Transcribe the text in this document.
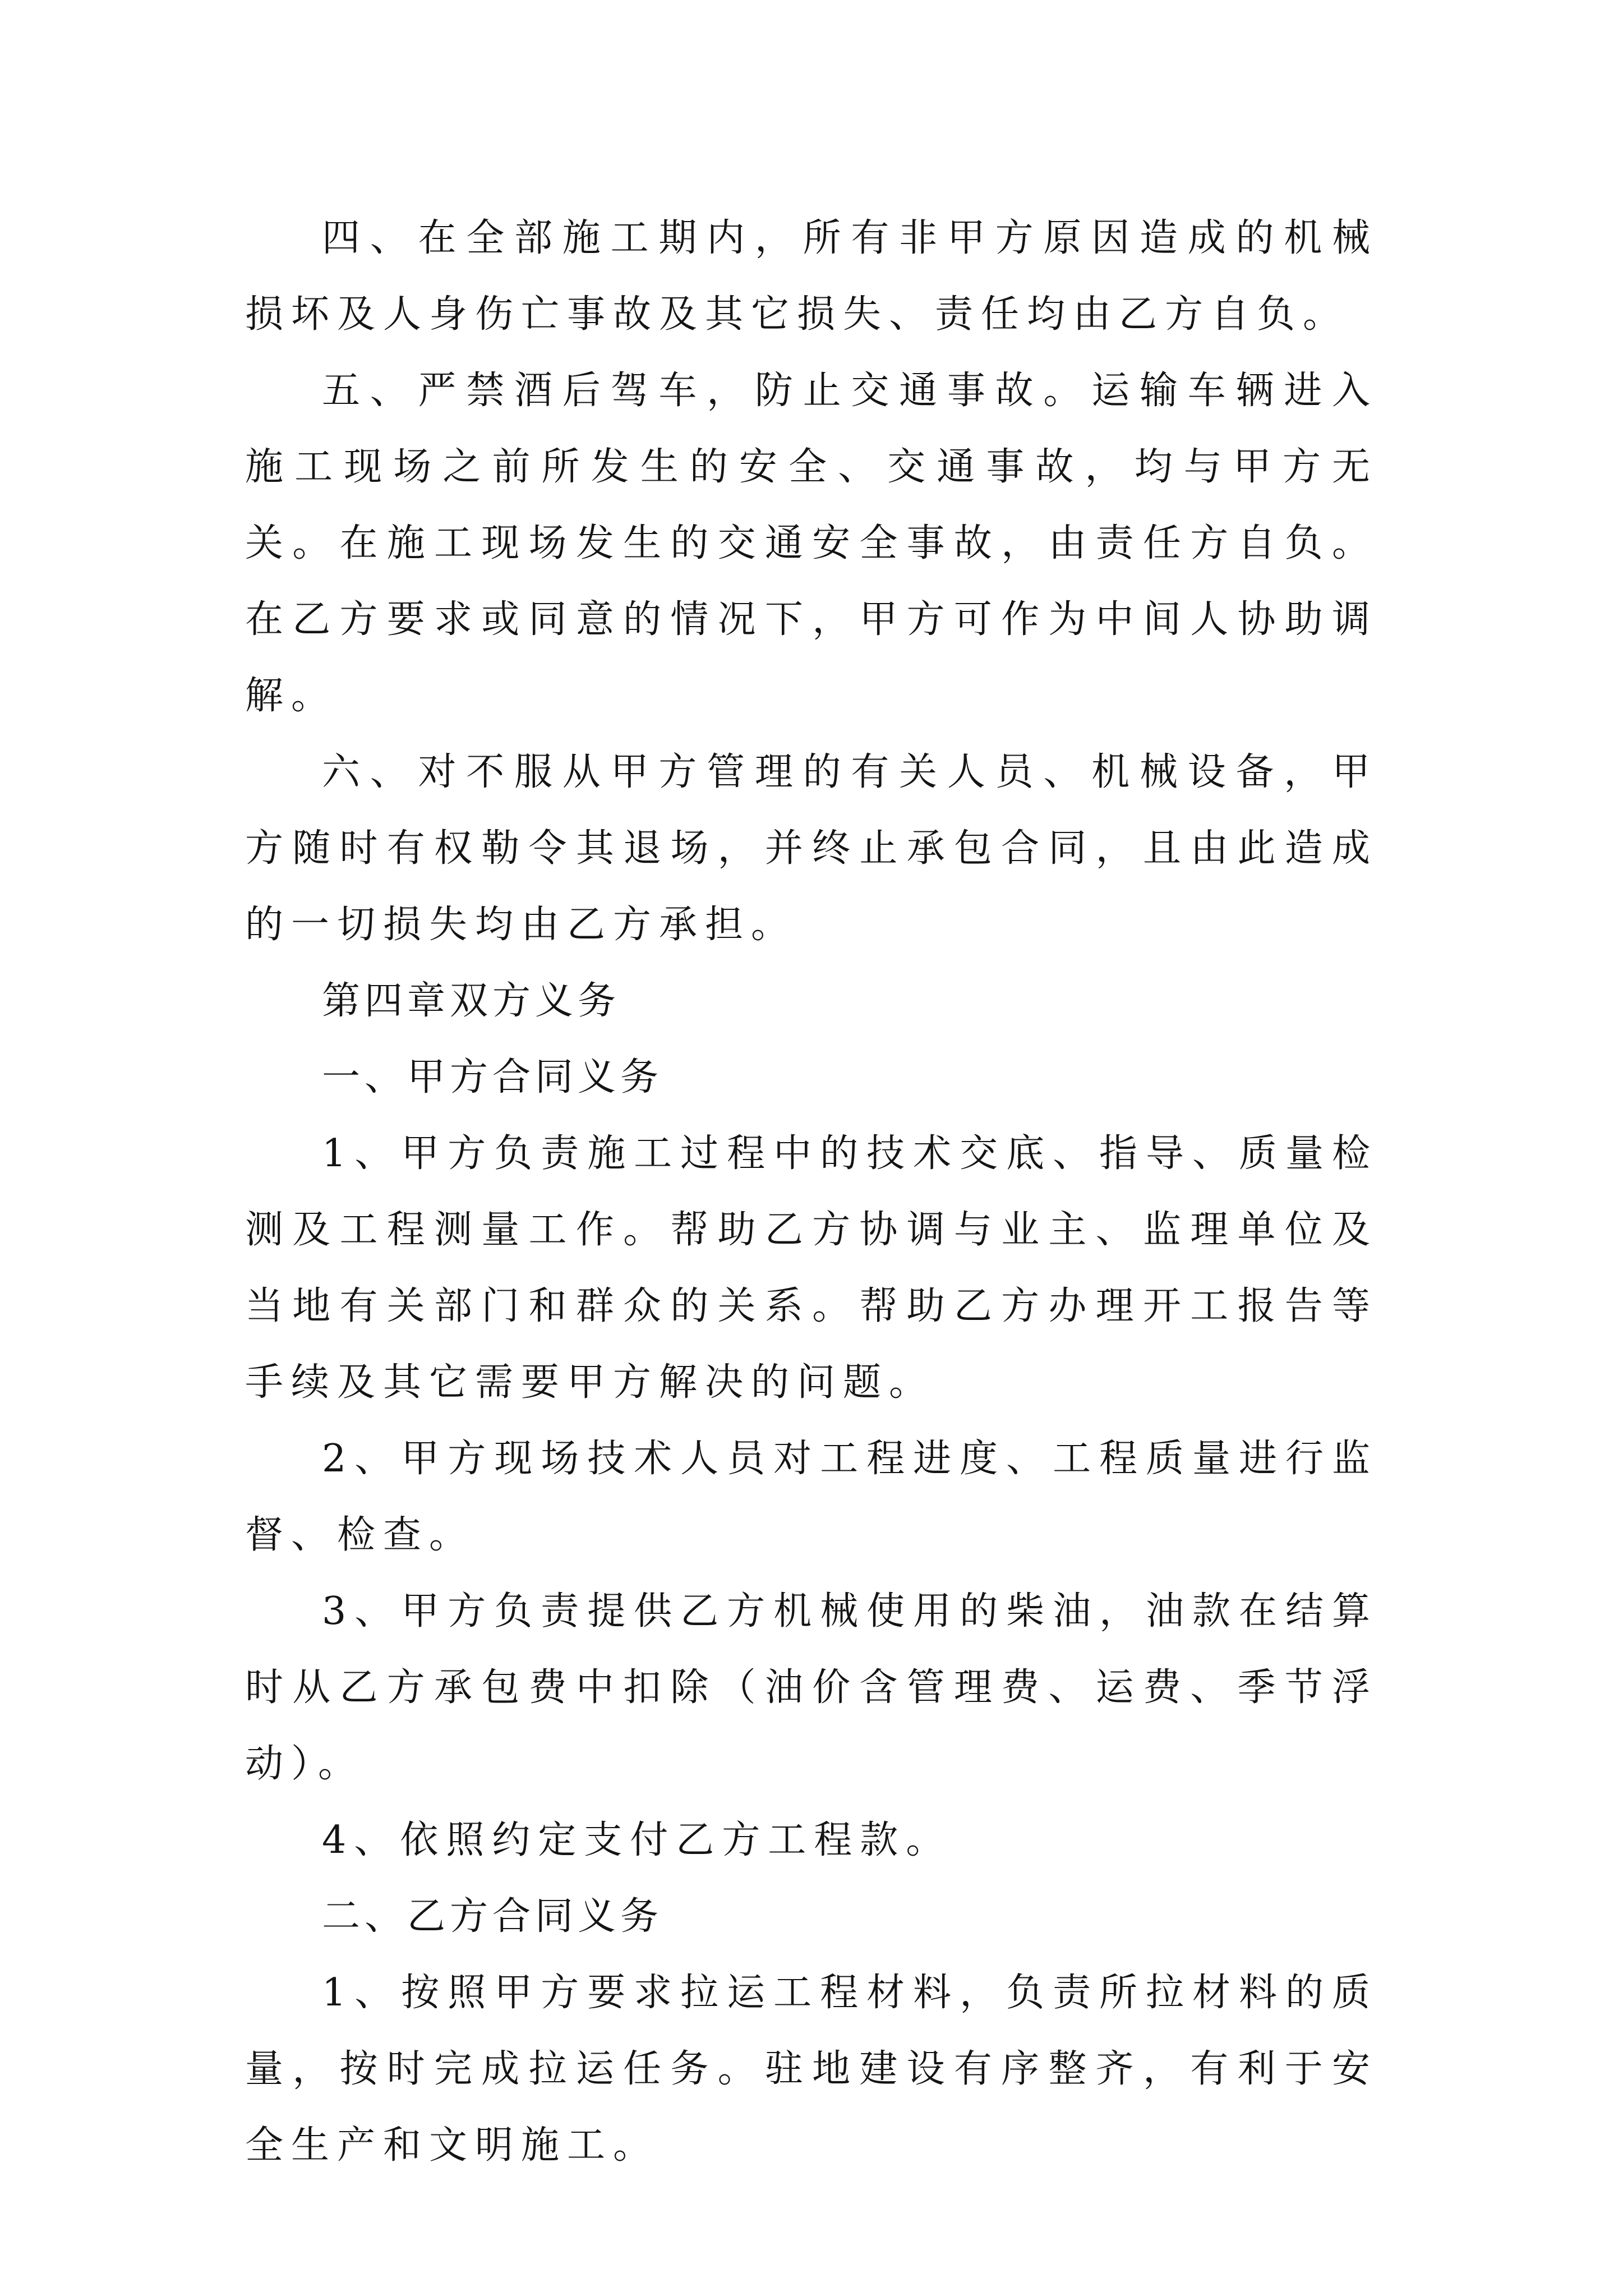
四、在全部施工期内，所有非甲方原因造成的机械损坏及人身伤亡事故及其它损失、责任均由乙方自负。

五、严禁酒后驾车，防止交通事故。运输车辆进入施工现场之前所发生的安全、交通事故，均与甲方无关。在施工现场发生的交通安全事故，由责任方自负。在乙方要求或同意的情况下，甲方可作为中间人协助调解。

六、对不服从甲方管理的有关人员、机械设备，甲方随时有权勒令其退场，并终止承包合同，且由此造成的一切损失均由乙方承担。

第四章双方义务

一、甲方合同义务

1、甲方负责施工过程中的技术交底、指导、质量检测及工程测量工作。帮助乙方协调与业主、监理单位及当地有关部门和群众的关系。帮助乙方办理开工报告等手续及其它需要甲方解决的问题。

2、甲方现场技术人员对工程进度、工程质量进行监督、检查。

3、甲方负责提供乙方机械使用的柴油，油款在结算时从乙方承包费中扣除（油价含管理费、运费、季节浮动）。

4、依照约定支付乙方工程款。

二、乙方合同义务

1、按照甲方要求拉运工程材料，负责所拉材料的质量，按时完成拉运任务。驻地建设有序整齐，有利于安全生产和文明施工。
